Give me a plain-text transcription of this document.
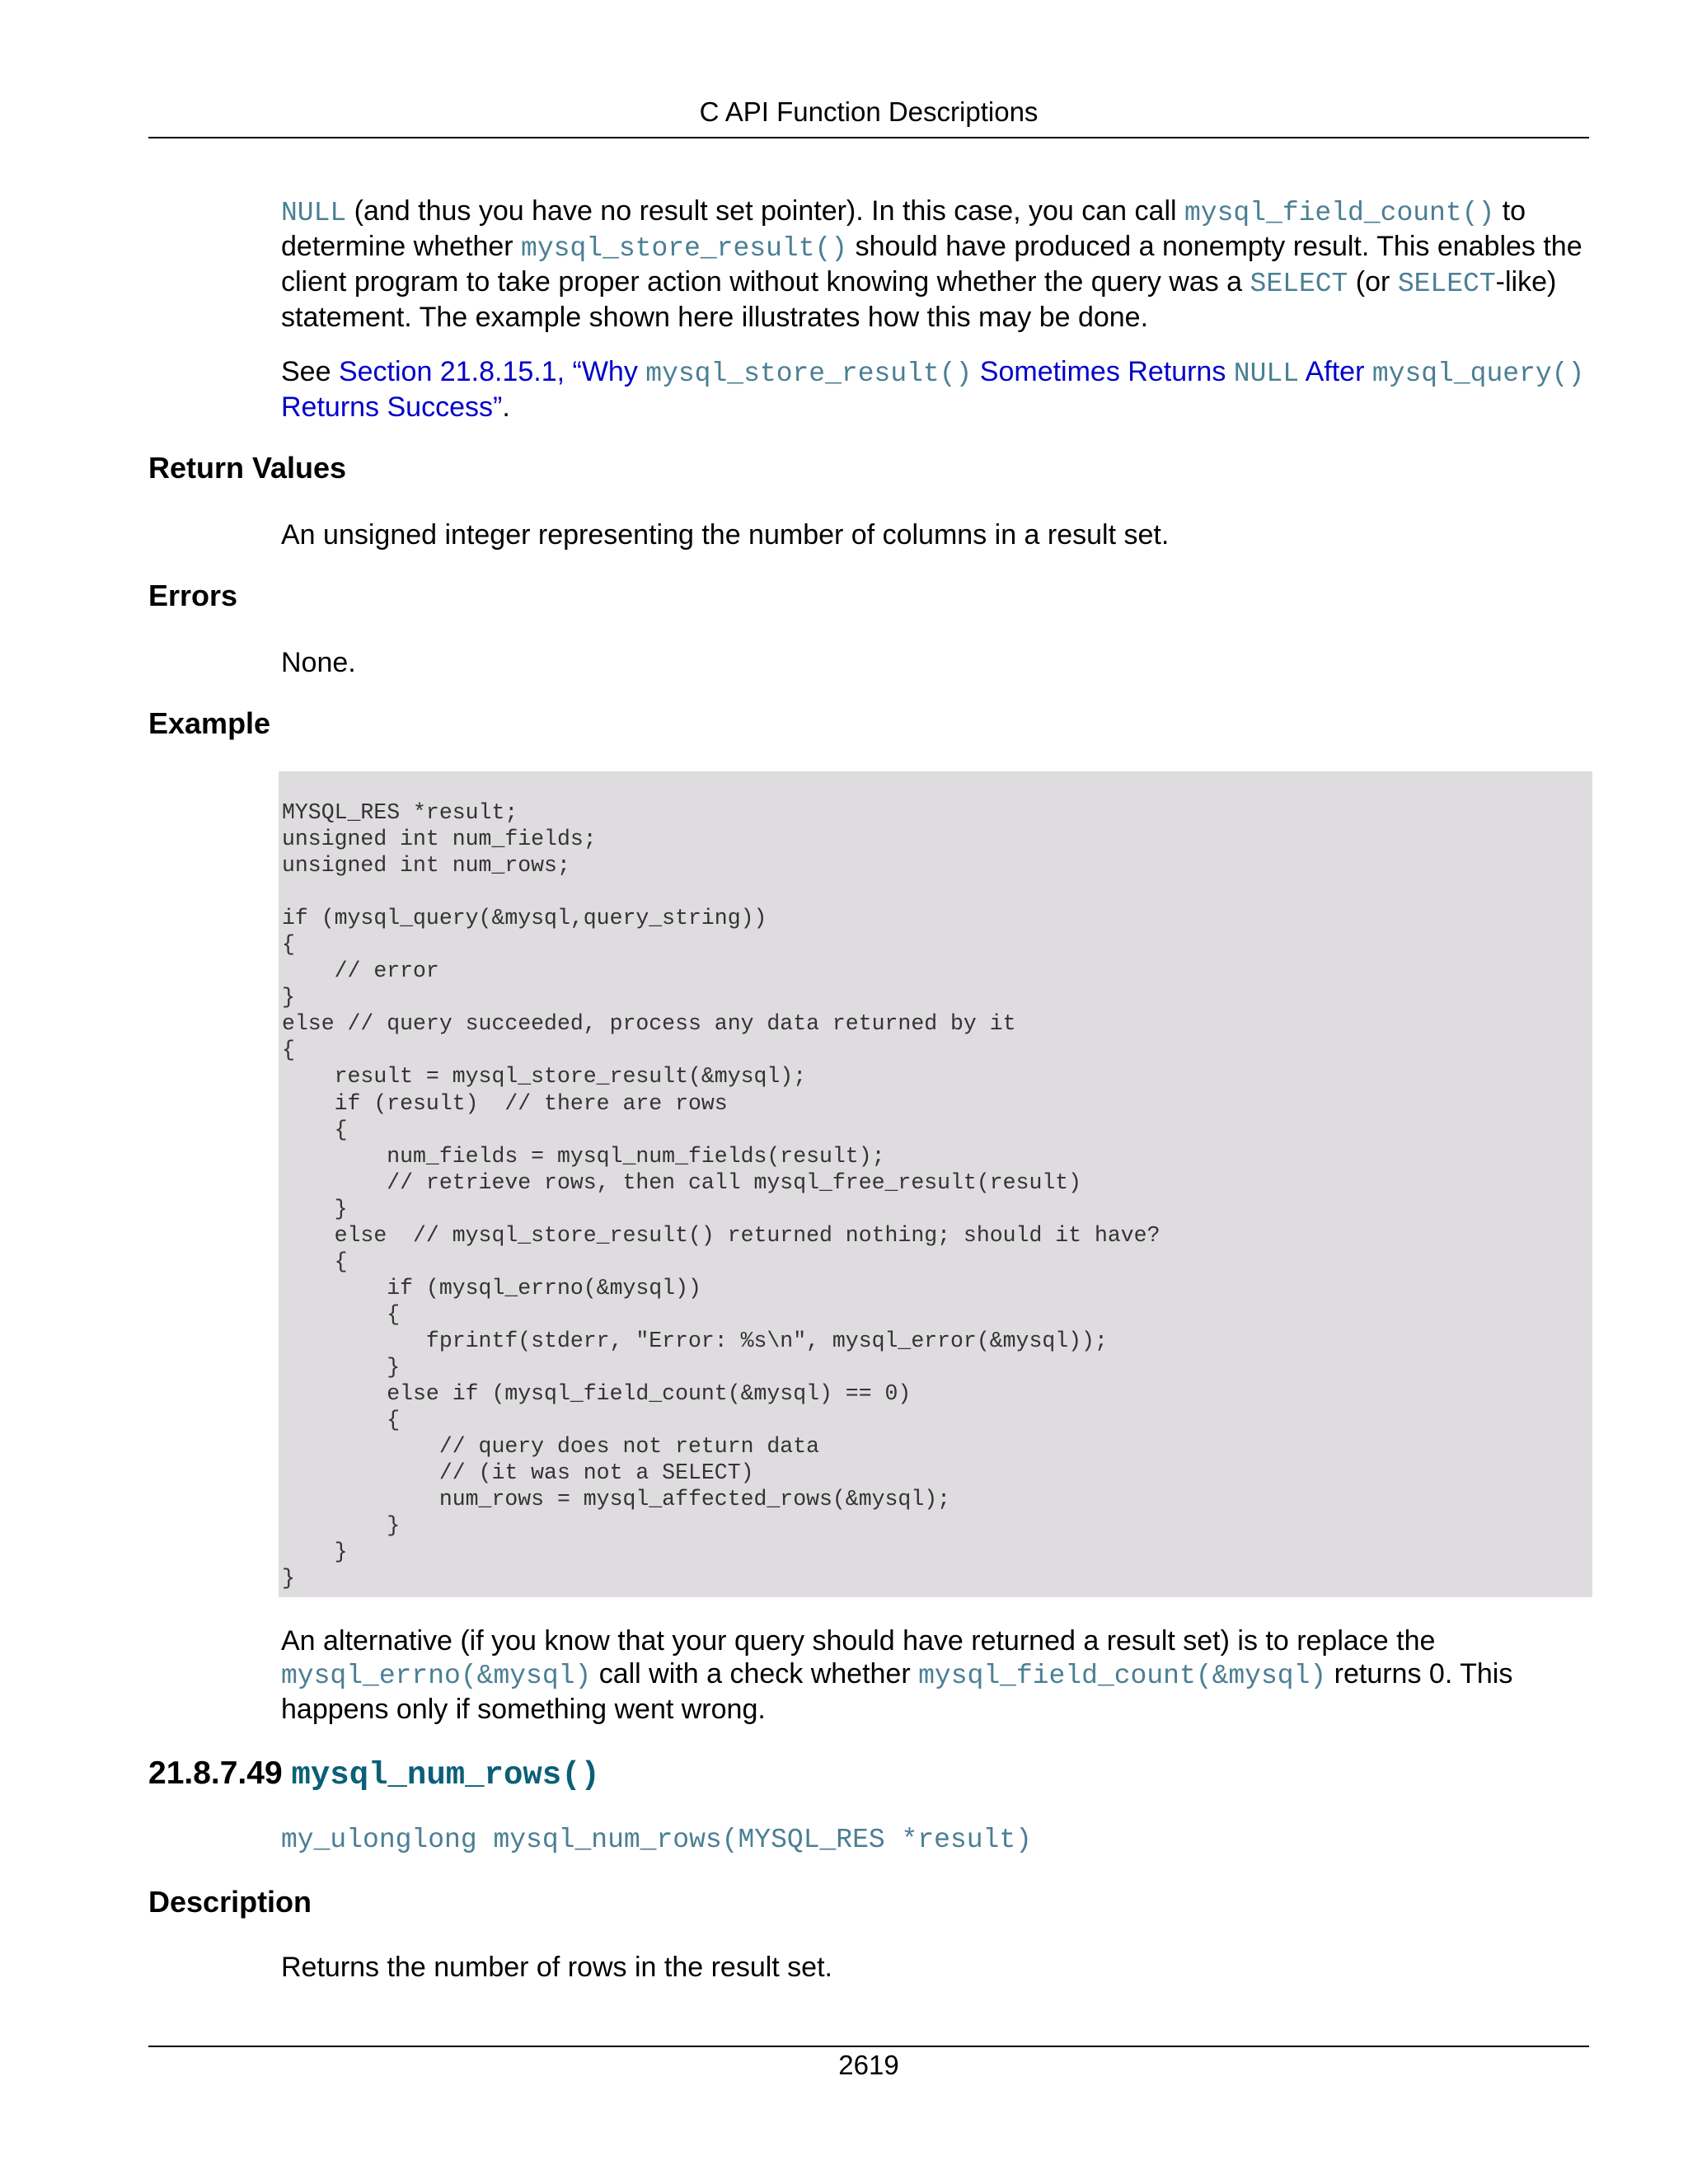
C API Function Descriptions
NULL (and thus you have no result set pointer). In this case, you can call mysql_field_count() to determine whether mysql_store_result() should have produced a nonempty result. This enables the client program to take proper action without knowing whether the query was a SELECT (or SELECT-like) statement. The example shown here illustrates how this may be done.
See Section 21.8.15.1, “Why mysql_store_result() Sometimes Returns NULL After mysql_query() Returns Success”.
Return Values
An unsigned integer representing the number of columns in a result set.
Errors
None.
Example
MYSQL_RES *result;
unsigned int num_fields;
unsigned int num_rows;

if (mysql_query(&mysql,query_string))
{
// error
}
else // query succeeded, process any data returned by it
{
result = mysql_store_result(&mysql);
if (result)  // there are rows
{
num_fields = mysql_num_fields(result);
// retrieve rows, then call mysql_free_result(result)
}
else  // mysql_store_result() returned nothing; should it have?
{
if (mysql_errno(&mysql))
{
fprintf(stderr, "Error: %s\n", mysql_error(&mysql));
}
else if (mysql_field_count(&mysql) == 0)
{
// query does not return data
// (it was not a SELECT)
num_rows = mysql_affected_rows(&mysql);
}
}
}
An alternative (if you know that your query should have returned a result set) is to replace the mysql_errno(&mysql) call with a check whether mysql_field_count(&mysql) returns 0. This happens only if something went wrong.
21.8.7.49 mysql_num_rows()
my_ulonglong mysql_num_rows(MYSQL_RES *result)
Description
Returns the number of rows in the result set.
2619
